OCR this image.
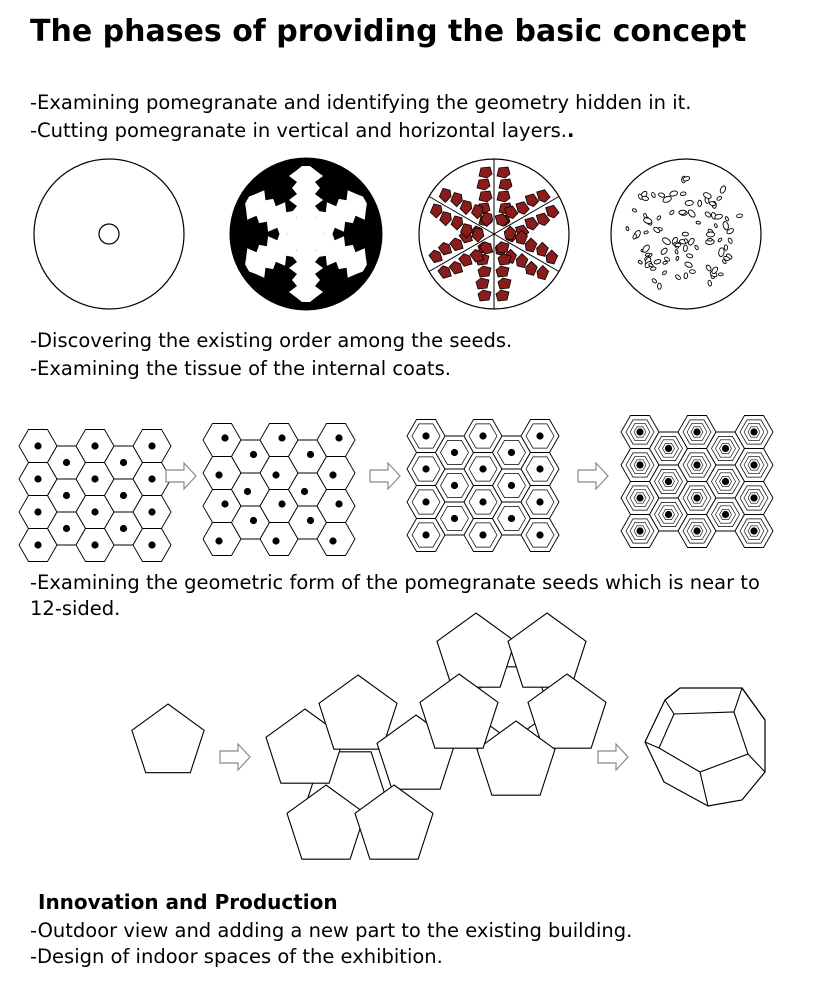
The phases of providing the basic concept
-Examining pomegranate and identifying the geometry hidden in it.
-Cutting pomegranate in vertical and horizontal layers..
-Discovering the existing order among the seeds.
-Examining the tissue of the internal coats.
-Examining the geometric form of the pomegranate seeds which is near to 12-sided.
Innovation and Production
-Outdoor view and adding a new part to the existing building.
-Design of indoor spaces of the exhibition.
